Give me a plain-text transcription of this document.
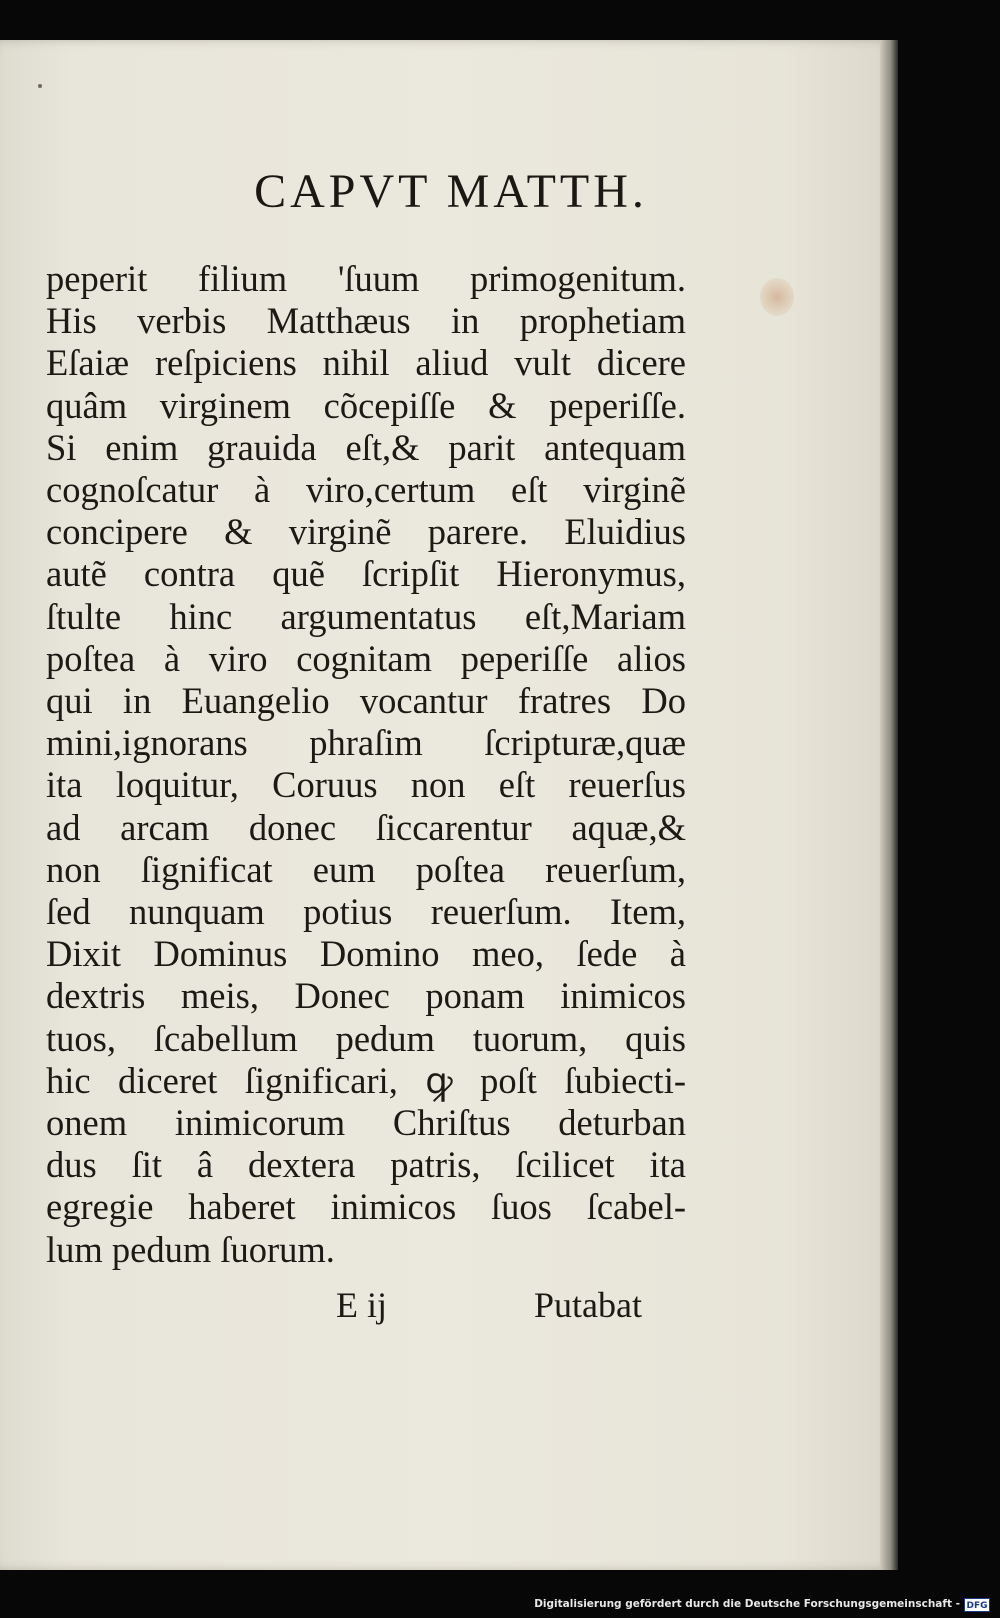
CAPVT MATTH.
peperit filium 'ſuum primogenitum.
His verbis Matthæus in prophetiam
Eſaiæ reſpiciens nihil aliud vult dicere
quâm virginem cõcepiſſe & peperiſſe.
Si enim grauida eſt,& parit antequam
cognoſcatur à viro,certum eſt virginẽ
concipere & virginẽ parere. Eluidius
autẽ contra quẽ ſcripſit Hieronymus,
ſtulte hinc argumentatus eſt,Mariam
poſtea à viro cognitam peperiſſe alios
qui in Euangelio vocantur fratres Do
mini,ignorans phraſim ſcripturæ,quæ
ita loquitur, Coruus non eſt reuerſus
ad arcam donec ſiccarentur aquæ,&
non ſignificat eum poſtea reuerſum,
ſed nunquam potius reuerſum. Item,
Dixit Dominus Domino meo, ſede à
dextris meis, Donec ponam inimicos
tuos, ſcabellum pedum tuorum, quis
hic diceret ſignificari, ꝙ poſt ſubiecti-
onem inimicorum Chriſtus deturban
dus ſit â dextera patris, ſcilicet ita
egregie haberet inimicos ſuos ſcabel-
lum pedum ſuorum.
E ij	Putabat
Digitalisierung gefördert durch die Deutsche Forschungsgemeinschaft - DFG
